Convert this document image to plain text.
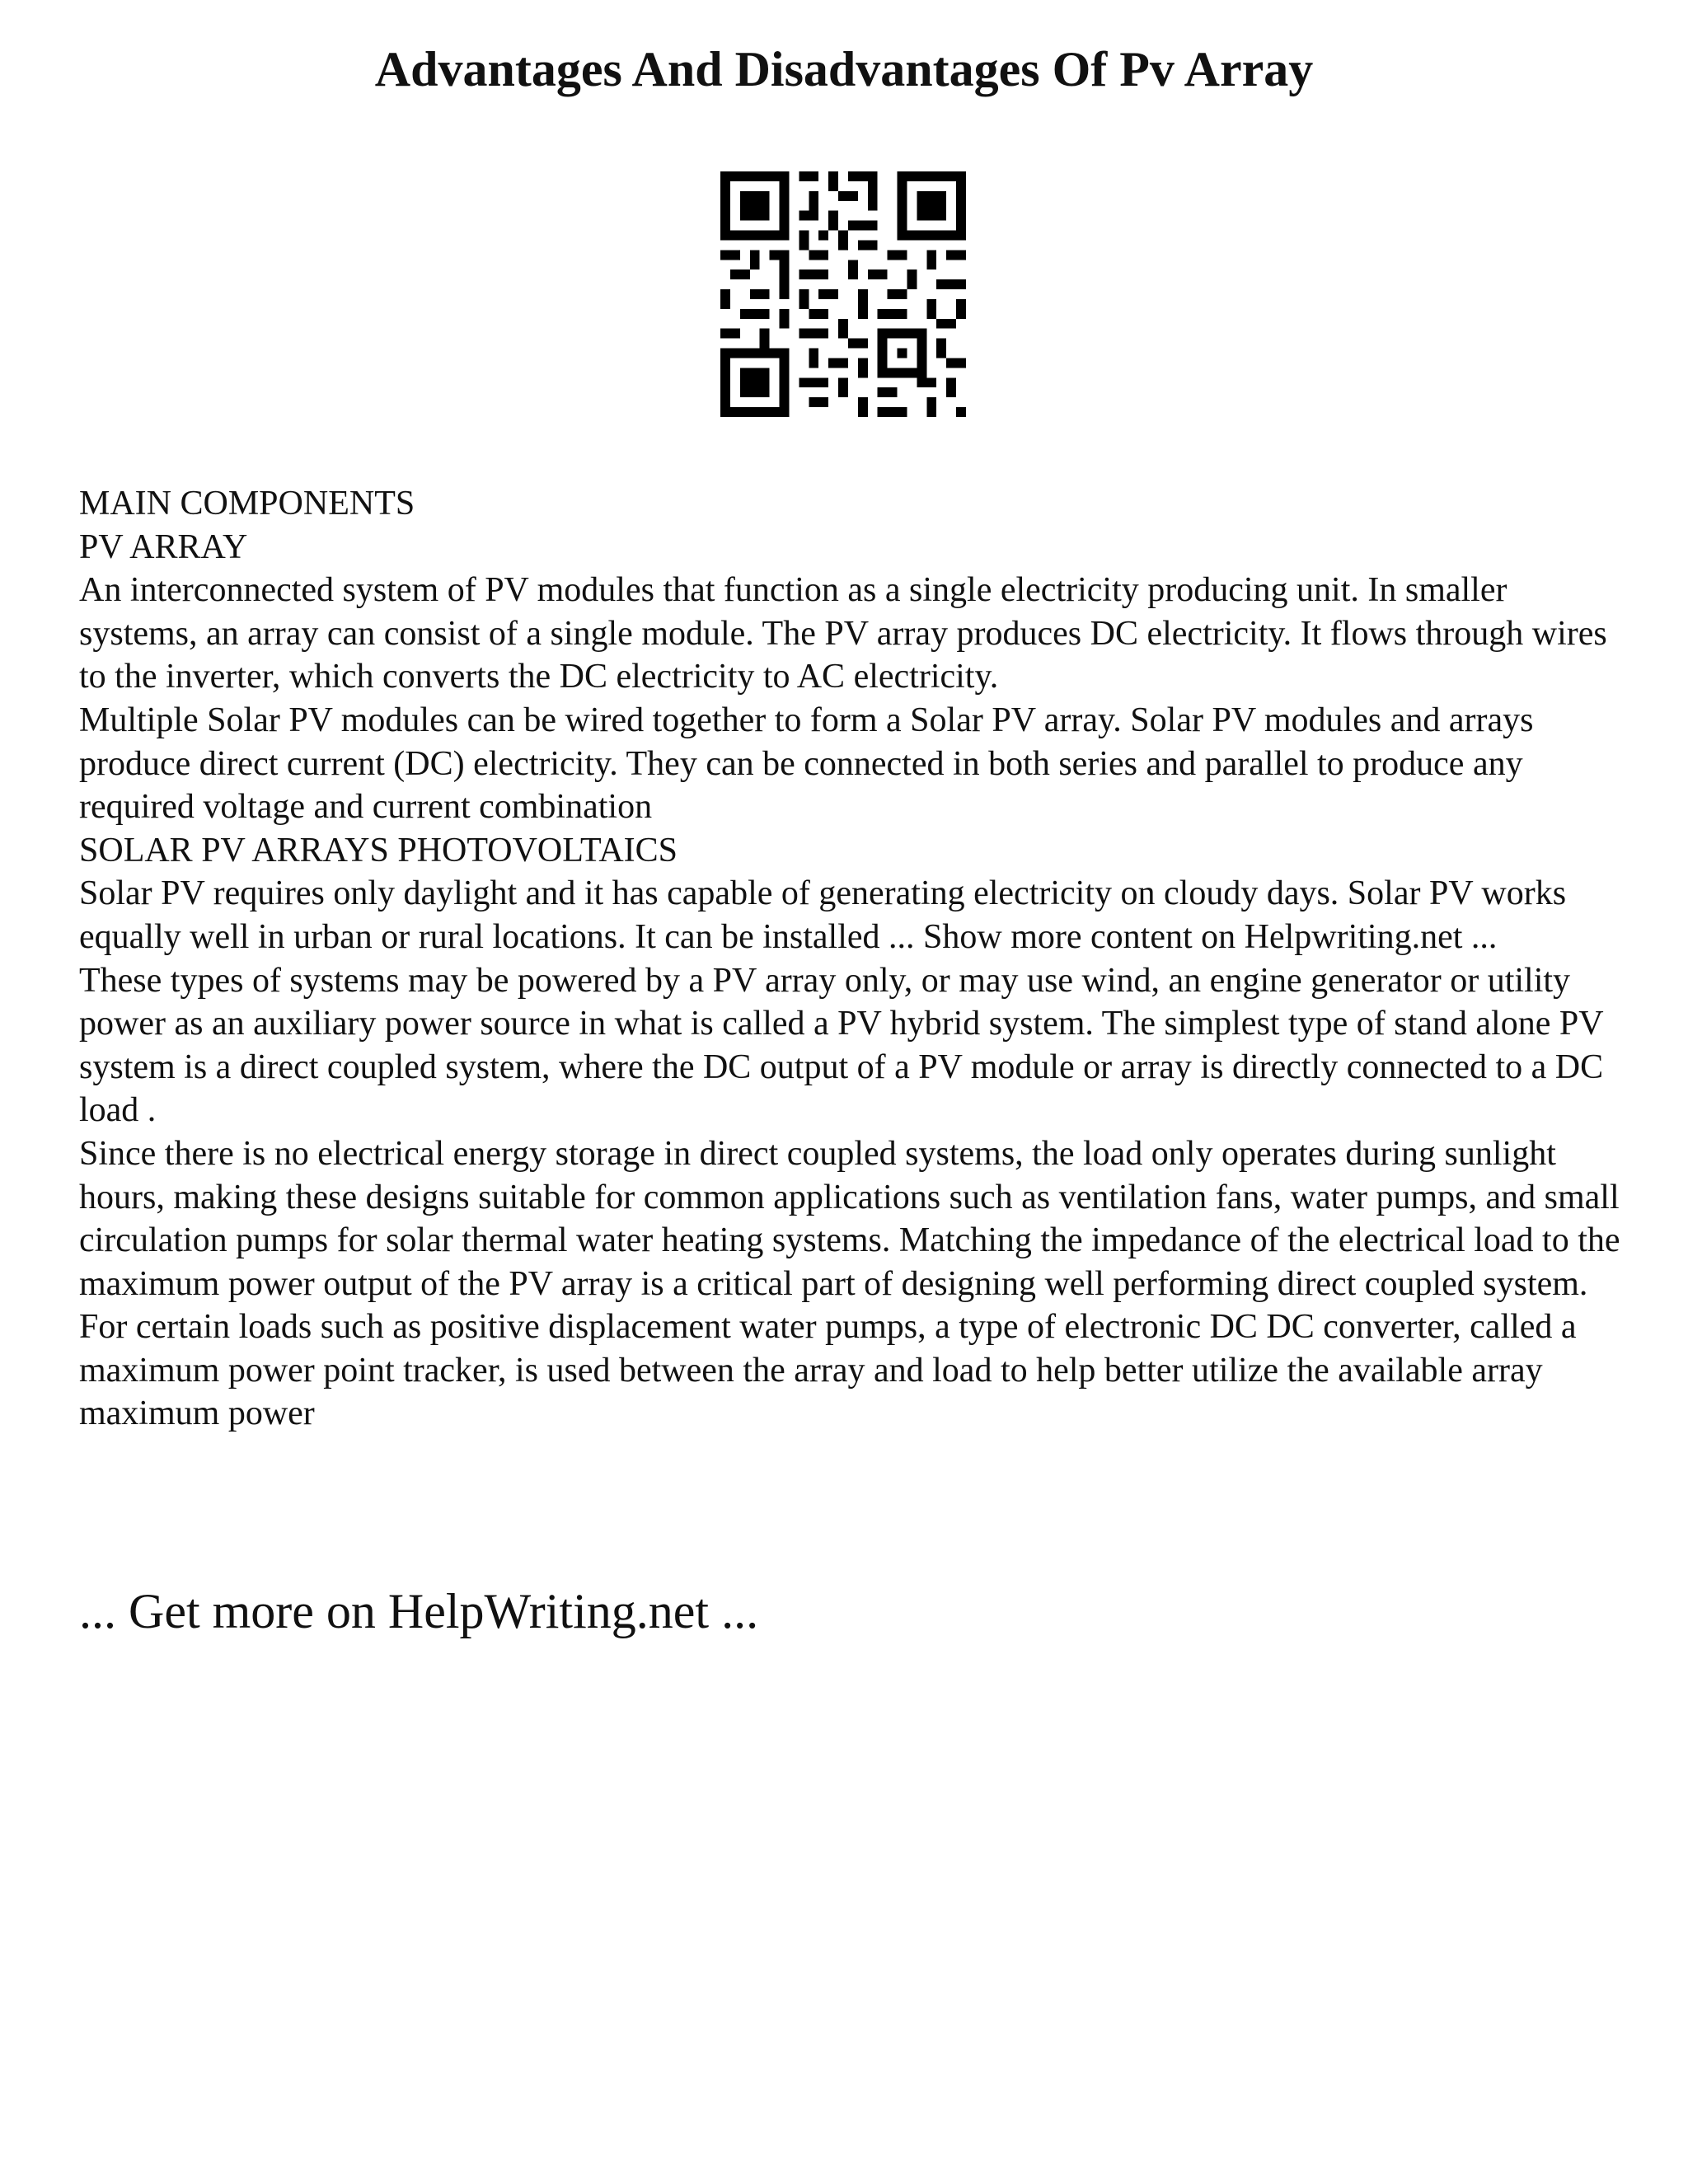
Advantages And Disadvantages Of Pv Array

MAIN COMPONENTS

PV ARRAY

An interconnected system of PV modules that function as a single electricity producing unit. In smaller systems, an array can consist of a single module. The PV array produces DC electricity. It flows through wires to the inverter, which converts the DC electricity to AC electricity.

Multiple Solar PV modules can be wired together to form a Solar PV array. Solar PV modules and arrays produce direct current (DC) electricity. They can be connected in both series and parallel to produce any required voltage and current combination

SOLAR PV ARRAYS PHOTOVOLTAICS

Solar PV requires only daylight and it has capable of generating electricity on cloudy days. Solar PV works equally well in urban or rural locations. It can be installed ... Show more content on Helpwriting.net ...

These types of systems may be powered by a PV array only, or may use wind, an engine generator or utility power as an auxiliary power source in what is called a PV hybrid system. The simplest type of stand alone PV system is a direct coupled system, where the DC output of a PV module or array is directly connected to a DC load .

Since there is no electrical energy storage in direct coupled systems, the load only operates during sunlight hours, making these designs suitable for common applications such as ventilation fans, water pumps, and small circulation pumps for solar thermal water heating systems. Matching the impedance of the electrical load to the maximum power output of the PV array is a critical part of designing well performing direct coupled system.

For certain loads such as positive displacement water pumps, a type of electronic DC DC converter, called a maximum power point tracker, is used between the array and load to help better utilize the available array maximum power

... Get more on HelpWriting.net ...
